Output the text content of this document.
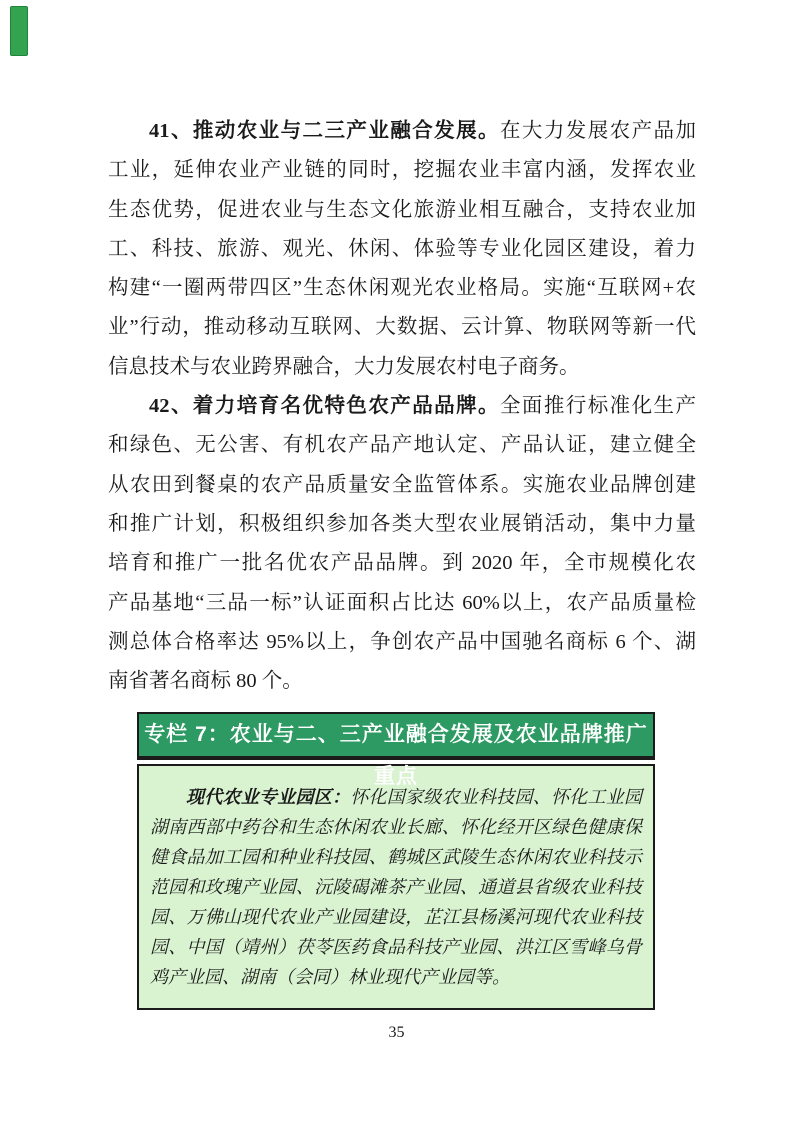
41、推动农业与二三产业融合发展。在大力发展农产品加
工业，延伸农业产业链的同时，挖掘农业丰富内涵，发挥农业
生态优势，促进农业与生态文化旅游业相互融合，支持农业加
工、科技、旅游、观光、休闲、体验等专业化园区建设，着力
构建“一圈两带四区”生态休闲观光农业格局。实施“互联网+农
业”行动，推动移动互联网、大数据、云计算、物联网等新一代
信息技术与农业跨界融合，大力发展农村电子商务。
42、着力培育名优特色农产品品牌。全面推行标准化生产
和绿色、无公害、有机农产品产地认定、产品认证，建立健全
从农田到餐桌的农产品质量安全监管体系。实施农业品牌创建
和推广计划，积极组织参加各类大型农业展销活动，集中力量
培育和推广一批名优农产品品牌。到 2020 年，全市规模化农
产品基地“三品一标”认证面积占比达 60%以上，农产品质量检
测总体合格率达 95%以上，争创农产品中国驰名商标 6 个、湖
南省著名商标 80 个。
专栏 7：农业与二、三产业融合发展及农业品牌推广重点
现代农业专业园区：怀化国家级农业科技园、怀化工业园
湖南西部中药谷和生态休闲农业长廊、怀化经开区绿色健康保
健食品加工园和种业科技园、鹤城区武陵生态休闲农业科技示
范园和玫瑰产业园、沅陵碣滩茶产业园、通道县省级农业科技
园、万佛山现代农业产业园建设，芷江县杨溪河现代农业科技
园、中国（靖州）茯苓医药食品科技产业园、洪江区雪峰乌骨
鸡产业园、湖南（会同）林业现代产业园等。
35
